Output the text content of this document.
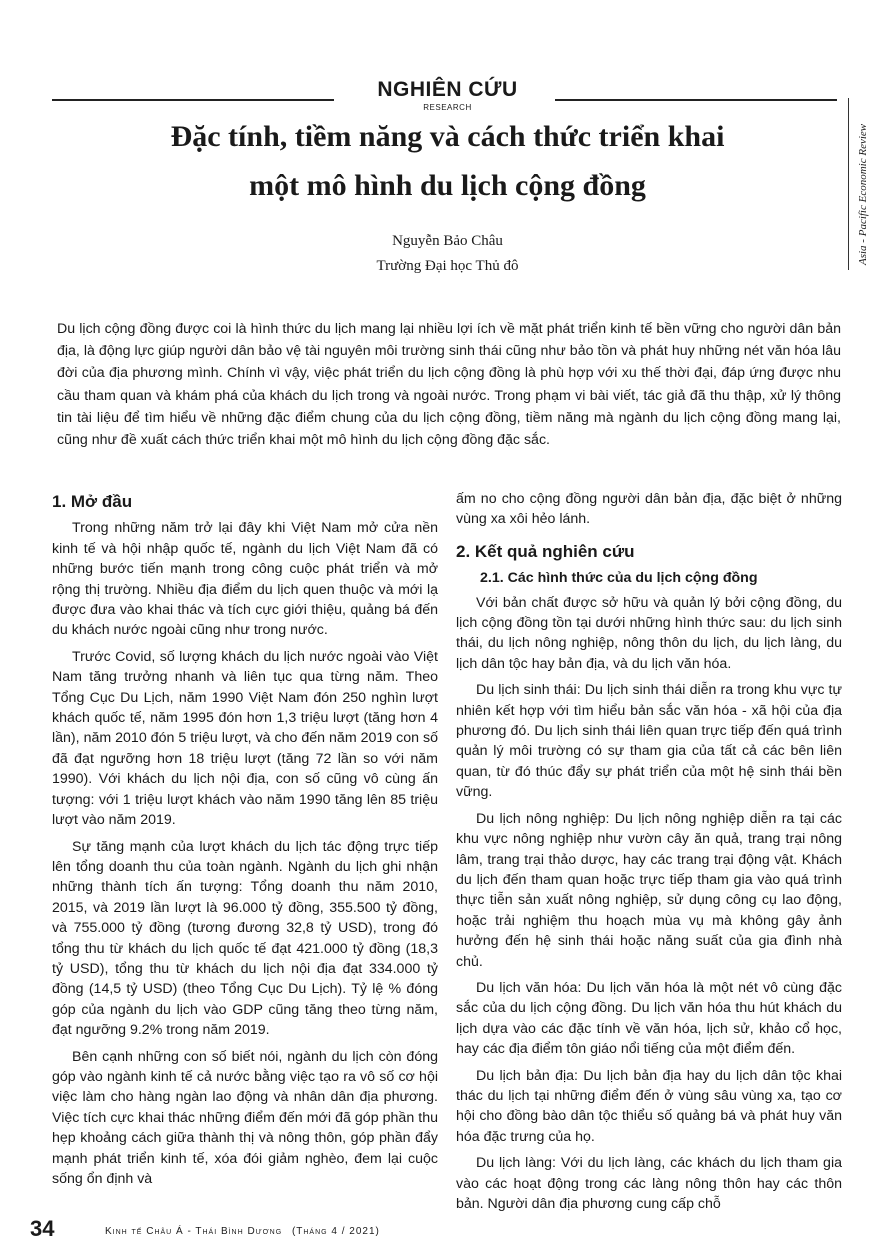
NGHIÊN CỨU
RESEARCH
Asia - Pacific Economic Review
Đặc tính, tiềm năng và cách thức triển khai
một mô hình du lịch cộng đồng
Nguyễn Bảo Châu
Trường Đại học Thủ đô

Du lịch cộng đồng được coi là hình thức du lịch mang lại nhiều lợi ích về mặt phát triển kinh tế bền vững cho người dân bản địa, là động lực giúp người dân bảo vệ tài nguyên môi trường sinh thái cũng như bảo tồn và phát huy những nét văn hóa lâu đời của địa phương mình. Chính vì vậy, việc phát triển du lịch cộng đồng là phù hợp với xu thế thời đại, đáp ứng được nhu cầu tham quan và khám phá của khách du lịch trong và ngoài nước. Trong phạm vi bài viết, tác giả đã thu thập, xử lý thông tin tài liệu để tìm hiểu về những đặc điểm chung của du lịch cộng đồng, tiềm năng mà ngành du lịch cộng đồng mang lại, cũng như đề xuất cách thức triển khai một mô hình du lịch cộng đồng đặc sắc.

1. Mở đầu

Trong những năm trở lại đây khi Việt Nam mở cửa nền kinh tế và hội nhập quốc tế, ngành du lịch Việt Nam đã có những bước tiến mạnh trong công cuộc phát triển và mở rộng thị trường. Nhiều địa điểm du lịch quen thuộc và mới lạ được đưa vào khai thác và tích cực giới thiệu, quảng bá đến du khách nước ngoài cũng như trong nước.

Trước Covid, số lượng khách du lịch nước ngoài vào Việt Nam tăng trưởng nhanh và liên tục qua từng năm. Theo Tổng Cục Du Lịch, năm 1990 Việt Nam đón 250 nghìn lượt khách quốc tế, năm 1995 đón hơn 1,3 triệu lượt (tăng hơn 4 lần), năm 2010 đón 5 triệu lượt, và cho đến năm 2019 con số đã đạt ngưỡng hơn 18 triệu lượt (tăng 72 lần so với năm 1990). Với khách du lịch nội địa, con số cũng vô cùng ấn tượng: với 1 triệu lượt khách vào năm 1990 tăng lên 85 triệu lượt vào năm 2019.

Sự tăng mạnh của lượt khách du lịch tác động trực tiếp lên tổng doanh thu của toàn ngành. Ngành du lịch ghi nhận những thành tích ấn tượng: Tổng doanh thu năm 2010, 2015, và 2019 lần lượt là 96.000 tỷ đồng, 355.500 tỷ đồng, và 755.000 tỷ đồng (tương đương 32,8 tỷ USD), trong đó tổng thu từ khách du lịch quốc tế đạt 421.000 tỷ đồng (18,3 tỷ USD), tổng thu từ khách du lịch nội địa đạt 334.000 tỷ đồng (14,5 tỷ USD) (theo Tổng Cục Du Lịch). Tỷ lệ % đóng góp của ngành du lịch vào GDP cũng tăng theo từng năm, đạt ngưỡng 9.2% trong năm 2019.

Bên cạnh những con số biết nói, ngành du lịch còn đóng góp vào ngành kinh tế cả nước bằng việc tạo ra vô số cơ hội việc làm cho hàng ngàn lao động và nhân dân địa phương. Việc tích cực khai thác những điểm đến mới đã góp phần thu hẹp khoảng cách giữa thành thị và nông thôn, góp phần đẩy mạnh phát triển kinh tế, xóa đói giảm nghèo, đem lại cuộc sống ổn định và

ấm no cho cộng đồng người dân bản địa, đặc biệt ở những vùng xa xôi hẻo lánh.

2. Kết quả nghiên cứu
2.1. Các hình thức của du lịch cộng đồng

Với bản chất được sở hữu và quản lý bởi cộng đồng, du lịch cộng đồng tồn tại dưới những hình thức sau: du lịch sinh thái, du lịch nông nghiệp, nông thôn du lịch, du lịch làng, du lịch dân tộc hay bản địa, và du lịch văn hóa.

Du lịch sinh thái: Du lịch sinh thái diễn ra trong khu vực tự nhiên kết hợp với tìm hiểu bản sắc văn hóa - xã hội của địa phương đó. Du lịch sinh thái liên quan trực tiếp đến quá trình quản lý môi trường có sự tham gia của tất cả các bên liên quan, từ đó thúc đẩy sự phát triển của một hệ sinh thái bền vững.

Du lịch nông nghiệp: Du lịch nông nghiệp diễn ra tại các khu vực nông nghiệp như vườn cây ăn quả, trang trại nông lâm, trang trại thảo dược, hay các trang trại động vật. Khách du lịch đến tham quan hoặc trực tiếp tham gia vào quá trình thực tiễn sản xuất nông nghiệp, sử dụng công cụ lao động, hoặc trải nghiệm thu hoạch mùa vụ mà không gây ảnh hưởng đến hệ sinh thái hoặc năng suất của gia đình nhà chủ.

Du lịch văn hóa: Du lịch văn hóa là một nét vô cùng đặc sắc của du lịch cộng đồng. Du lịch văn hóa thu hút khách du lịch dựa vào các đặc tính về văn hóa, lịch sử, khảo cổ học, hay các địa điểm tôn giáo nổi tiếng của một điểm đến.

Du lịch bản địa: Du lịch bản địa hay du lịch dân tộc khai thác du lịch tại những điểm đến ở vùng sâu vùng xa, tạo cơ hội cho đồng bào dân tộc thiểu số quảng bá và phát huy văn hóa đặc trưng của họ.

Du lịch làng: Với du lịch làng, các khách du lịch tham gia vào các hoạt động trong các làng nông thôn hay các thôn bản. Người dân địa phương cung cấp chỗ

34	Kinh tế Châu Á - Thái Bình Dương (Tháng 4 / 2021)
